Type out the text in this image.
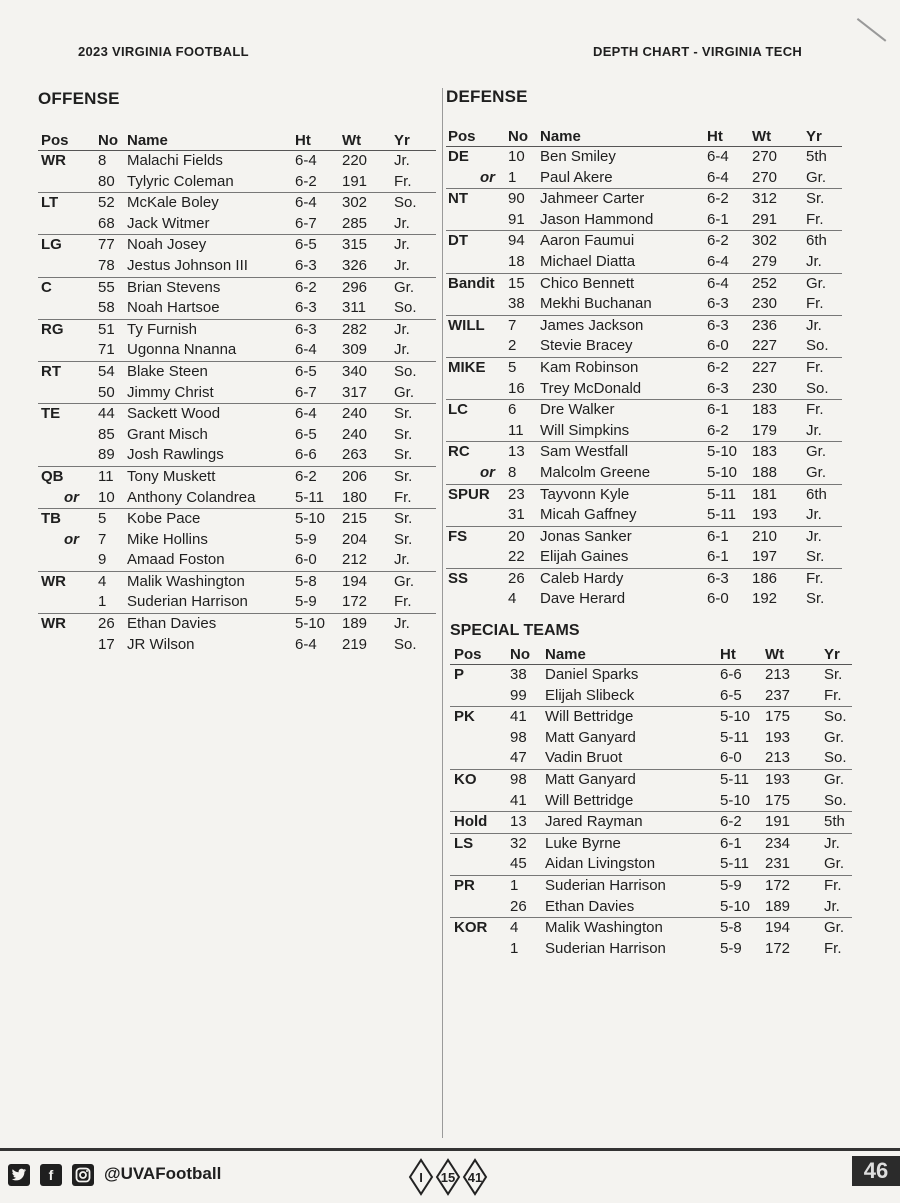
2023 VIRGINIA FOOTBALL	DEPTH CHART - VIRGINIA TECH
OFFENSE
Pos No Name	Ht Wt Yr
WR 8 Malachi Fields	6-4 220 Jr.
80 Tylyric Coleman	6-2 191 Fr.
LT	52 McKale Boley	6-4 302 So.
68 Jack Witmer	6-7 285 Jr.
LG 77 Noah Josey	6-5 315 Jr.
78 Jestus Johnson III	6-3 326 Jr.
C	55 Brian Stevens	6-2 296 Gr.
58 Noah Hartsoe	6-3 311 So.
RG 51 Ty Furnish	6-3 282 Jr.
71 Ugonna Nnanna	6-4 309 Jr.
RT 54 Blake Steen	6-5 340 So.
50 Jimmy Christ	6-7 317 Gr.
TE	44 Sackett Wood	6-4 240 Sr.
85 Grant Misch	6-5 240 Sr.
89 Josh Rawlings	6-6 263 Sr.
QB 11 Tony Muskett	6-2 206 Sr.
or 10 Anthony Colandrea	5-11 180 Fr.
TB 5 Kobe Pace	5-10 215 Sr.
or 7 Mike Hollins	5-9 204 Sr.
9 Amaad Foston	6-0 212 Jr.
WR 4 Malik Washington	5-8 194 Gr.
1 Suderian Harrison	5-9 172 Fr.
WR 26 Ethan Davies	5-10 189 Jr.
17 JR Wilson	6-4 219 So.
DEFENSE
Pos No Name	Ht Wt Yr
DE	10 Ben Smiley	6-4 270 5th
or 1 Paul Akere	6-4 270 Gr.
NT	90 Jahmeer Carter	6-2 312 Sr.
91 Jason Hammond	6-1 291 Fr.
DT	94 Aaron Faumui	6-2 302 6th
18 Michael Diatta	6-4 279 Jr.
Bandit 15 Chico Bennett	6-4 252 Gr.
38 Mekhi Buchanan	6-3 230 Fr.
WILL 7 James Jackson	6-3 236 Jr.
2 Stevie Bracey	6-0 227 So.
MIKE 5 Kam Robinson	6-2 227 Fr.
16 Trey McDonald	6-3 230 So.
LC	6 Dre Walker	6-1 183 Fr.
11 Will Simpkins	6-2 179 Jr.
RC	13 Sam Westfall	5-10 183 Gr.
or 8 Malcolm Greene	5-10 188 Gr.
SPUR 23 Tayvonn Kyle	5-11 181 6th
31 Micah Gaffney	5-11 193 Jr.
FS	20 Jonas Sanker	6-1 210 Jr.
22 Elijah Gaines	6-1 197 Sr.
SS	26 Caleb Hardy	6-3 186 Fr.
4 Dave Herard	6-0 192 Sr.
SPECIAL TEAMS
Pos No Name	Ht Wt	Yr
P	38 Daniel Sparks	6-6 213 Sr.
99 Elijah Slibeck	6-5 237 Fr.
PK 41 Will Bettridge	5-10 175 So.
98 Matt Ganyard	5-11 193 Gr.
47 Vadin Bruot	6-0 213 So.
KO 98 Matt Ganyard	5-11 193 Gr.
41 Will Bettridge	5-10 175 So.
Hold 13 Jared Rayman	6-2 191 5th
LS 32 Luke Byrne	6-1 234 Jr.
45 Aidan Livingston	5-11 231 Gr.
PR 1 Suderian Harrison	5-9 172 Fr.
26 Ethan Davies	5-10 189 Jr.
KOR 4 Malik Washington	5-8 194 Gr.
1 Suderian Harrison	5-9 172 Fr.
f	@UVAFootball	I 15 41	46
